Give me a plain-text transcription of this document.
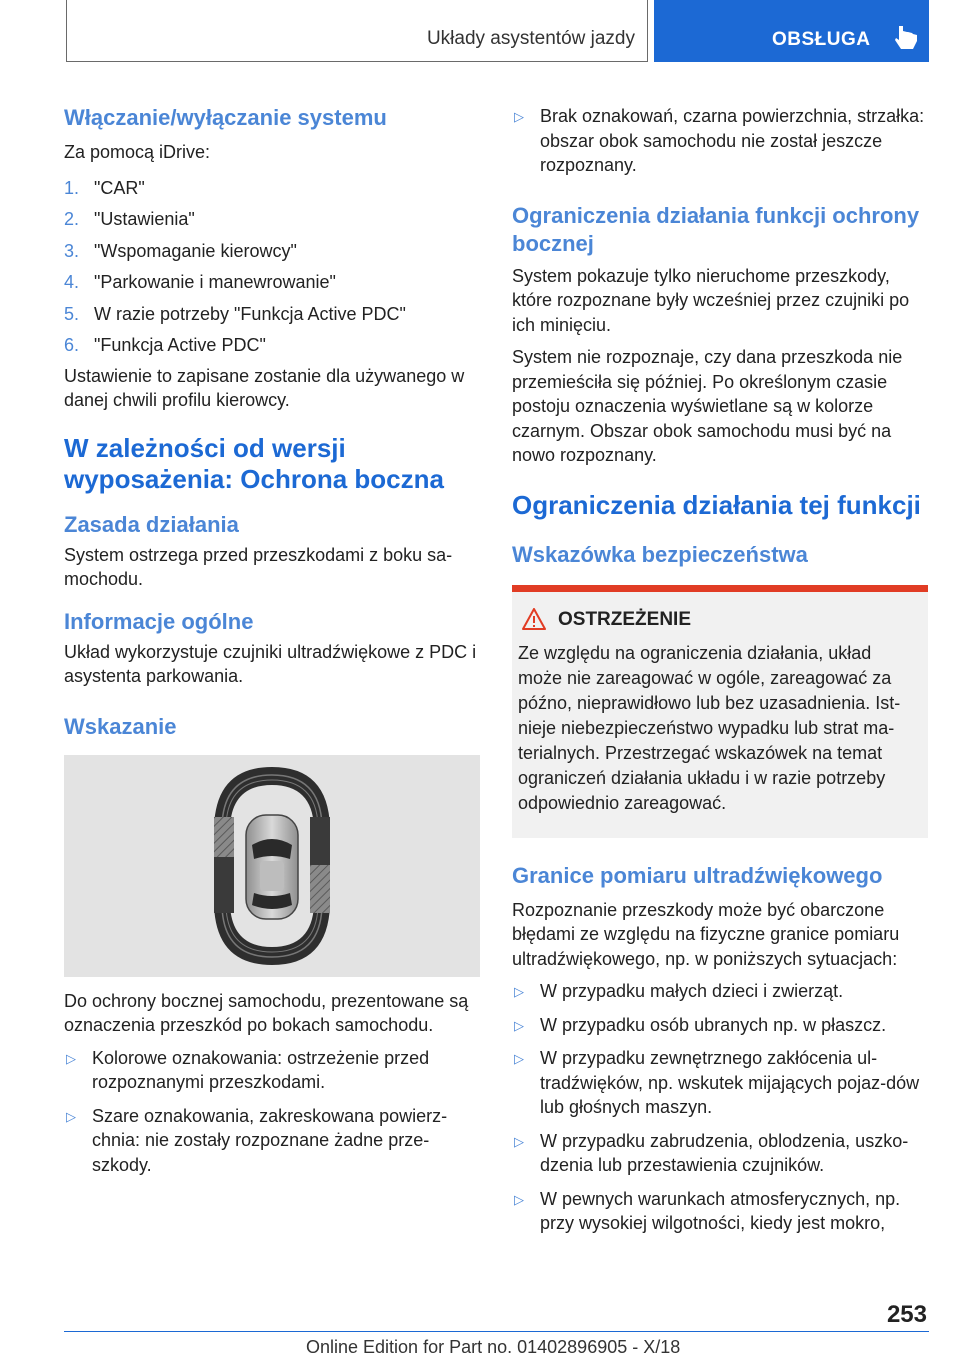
Układy asystentów jazdy	OBSŁUGA
Włączanie/wyłączanie systemu

Za pomocą iDrive:

1. "CAR"
2. "Ustawienia"
3. "Wspomaganie kierowcy"
4. "Parkowanie i manewrowanie"
5. W razie potrzeby "Funkcja Active PDC"
6. "Funkcja Active PDC"

Ustawienie to zapisane zostanie dla używanego w danej chwili profilu kierowcy.

W zależności od wersji wyposażenia: Ochrona boczna
Zasada działania

System ostrzega przed przeszkodami z boku sa-mochodu.

Informacje ogólne

Układ wykorzystuje czujniki ultradźwiękowe z PDC i asystenta parkowania.

Wskazanie

Do ochrony bocznej samochodu, prezentowane są oznaczenia przeszkód po bokach samochodu.

▷ Kolorowe oznakowania: ostrzeżenie przed rozpoznanymi przeszkodami.
▷ Szare oznakowania, zakreskowana powierz-chnia: nie zostały rozpoznane żadne prze-szkody.
▷ Brak oznakowań, czarna powierzchnia, strzałka: obszar obok samochodu nie został jeszcze rozpoznany.
Ograniczenia działania funkcji ochrony bocznej

System pokazuje tylko nieruchome przeszkody, które rozpoznane były wcześniej przez czujniki po ich minięciu.

System nie rozpoznaje, czy dana przeszkoda nie przemieściła się później. Po określonym czasie postoju oznaczenia wyświetlane są w kolorze czarnym. Obszar obok samochodu musi być na nowo rozpoznany.

Ograniczenia działania tej funkcji
Wskazówka bezpieczeństwa
OSTRZEŻENIE

Ze względu na ograniczenia działania, układ może nie zareagować w ogóle, zareagować za późno, nieprawidłowo lub bez uzasadnienia. Ist-nieje niebezpieczeństwo wypadku lub strat ma-terialnych. Przestrzegać wskazówek na temat ograniczeń działania układu i w razie potrzeby odpowiednio zareagować.

Granice pomiaru ultradźwiękowego

Rozpoznanie przeszkody może być obarczone błędami ze względu na fizyczne granice pomiaru ultradźwiękowego, np. w poniższych sytuacjach:

▷ W przypadku małych dzieci i zwierząt.
▷ W przypadku osób ubranych np. w płaszcz.
▷ W przypadku zewnętrznego zakłócenia ul-tradźwięków, np. wskutek mijających pojaz-dów lub głośnych maszyn.
▷ W przypadku zabrudzenia, oblodzenia, uszko-dzenia lub przestawienia czujników.
▷ W pewnych warunkach atmosferycznych, np. przy wysokiej wilgotności, kiedy jest mokro,
253
Online Edition for Part no. 01402896905 - X/18
